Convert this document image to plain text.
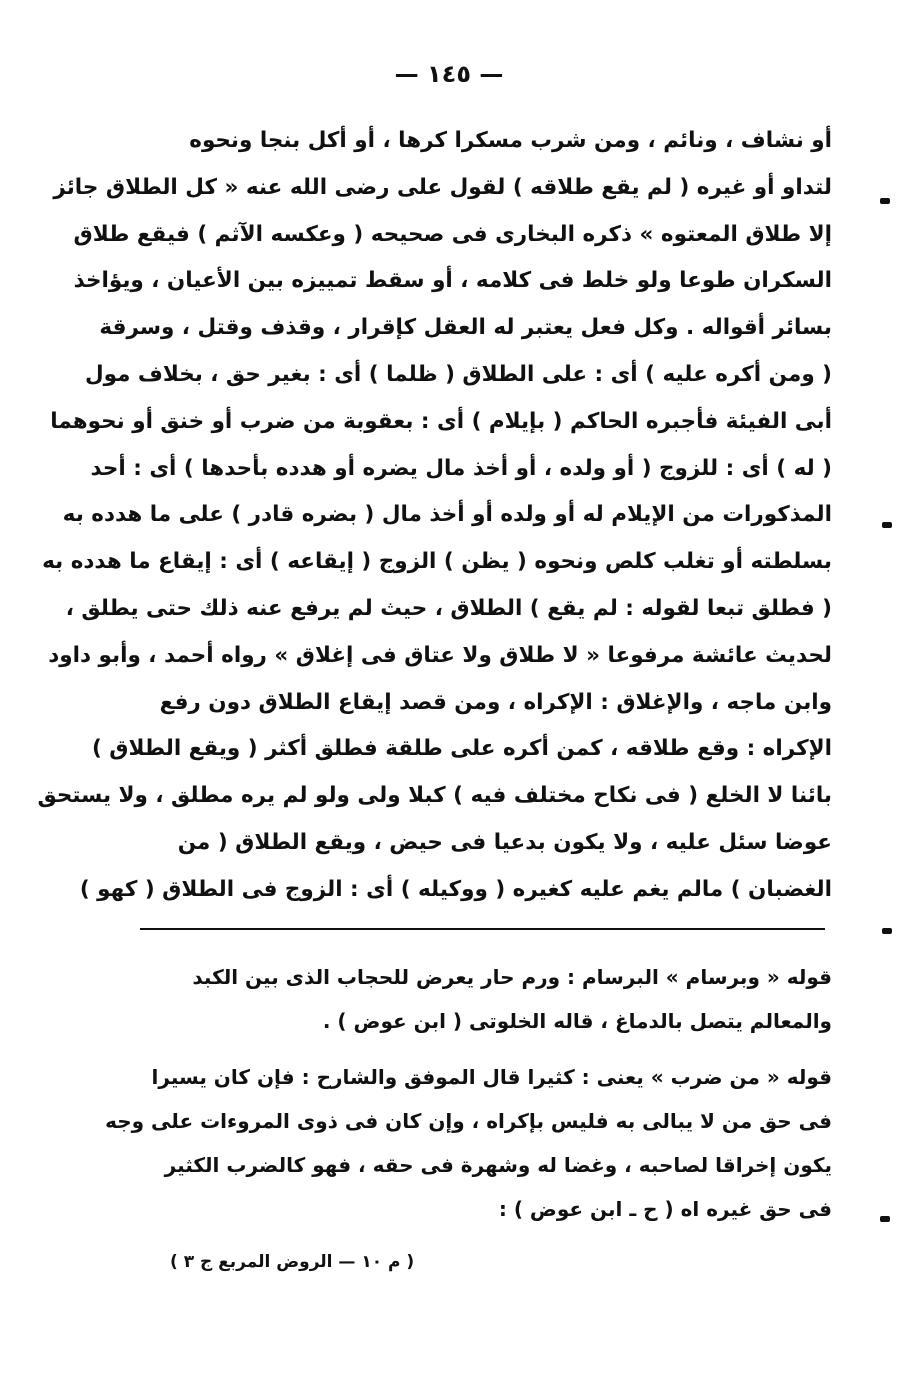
— ١٤٥ —
أو نشاف ، ونائم ، ومن شرب مسكرا كرها ، أو أكل بنجا ونحوه
لتداو أو غيره ( لم يقع طلاقه ) لقول على رضى الله عنه « كل الطلاق جائز
إلا طلاق المعتوه » ذكره البخارى فى صحيحه ( وعكسه الآثم ) فيقع طلاق
السكران طوعا ولو خلط فى كلامه ، أو سقط تمييزه بين الأعيان ، ويؤاخذ
بسائر أقواله . وكل فعل يعتبر له العقل كإقرار ، وقذف وقتل ، وسرقة
( ومن أكره عليه ) أى : على الطلاق ( ظلما ) أى : بغير حق ، بخلاف مول
أبى الفيئة فأجبره الحاكم ( بإيلام ) أى : بعقوبة من ضرب أو خنق أو نحوهما
( له ) أى : للزوج ( أو ولده ، أو أخذ مال يضره أو هدده بأحدها ) أى : أحد
المذكورات من الإيلام له أو ولده أو أخذ مال ( بضره قادر ) على ما هدده به
بسلطته أو تغلب كلص ونحوه ( يظن ) الزوج ( إيقاعه ) أى : إيقاع ما هدده به
( فطلق تبعا لقوله : لم يقع ) الطلاق ، حيث لم يرفع عنه ذلك حتى يطلق ،
لحديث عائشة مرفوعا « لا طلاق ولا عتاق فى إغلاق » رواه أحمد ، وأبو داود
وابن ماجه ، والإغلاق : الإكراه ، ومن قصد إيقاع الطلاق دون رفع
الإكراه : وقع طلاقه ، كمن أكره على طلقة فطلق أكثر ( ويقع الطلاق )
بائنا لا الخلع ( فى نكاح مختلف فيه ) كبلا ولى ولو لم يره مطلق ، ولا يستحق
عوضا سئل عليه ، ولا يكون بدعيا فى حيض ، ويقع الطلاق ( من
الغضبان ) مالم يغم عليه كغيره ( ووكيله ) أى : الزوج فى الطلاق ( كهو )
قوله « وبرسام » البرسام : ورم حار يعرض للحجاب الذى بين الكبد
والمعالم يتصل بالدماغ ، قاله الخلوتى ( ابن عوض ) .
قوله « من ضرب » يعنى : كثيرا قال الموفق والشارح : فإن كان يسيرا
فى حق من لا يبالى به فليس بإكراه ، وإن كان فى ذوى المروءات على وجه
يكون إخراقا لصاحبه ، وغضا له وشهرة فى حقه ، فهو كالضرب الكثير
فى حق غيره اه ( ح ـ ابن عوض ) :
( م ١٠ — الروض المربع ج ٣ )
